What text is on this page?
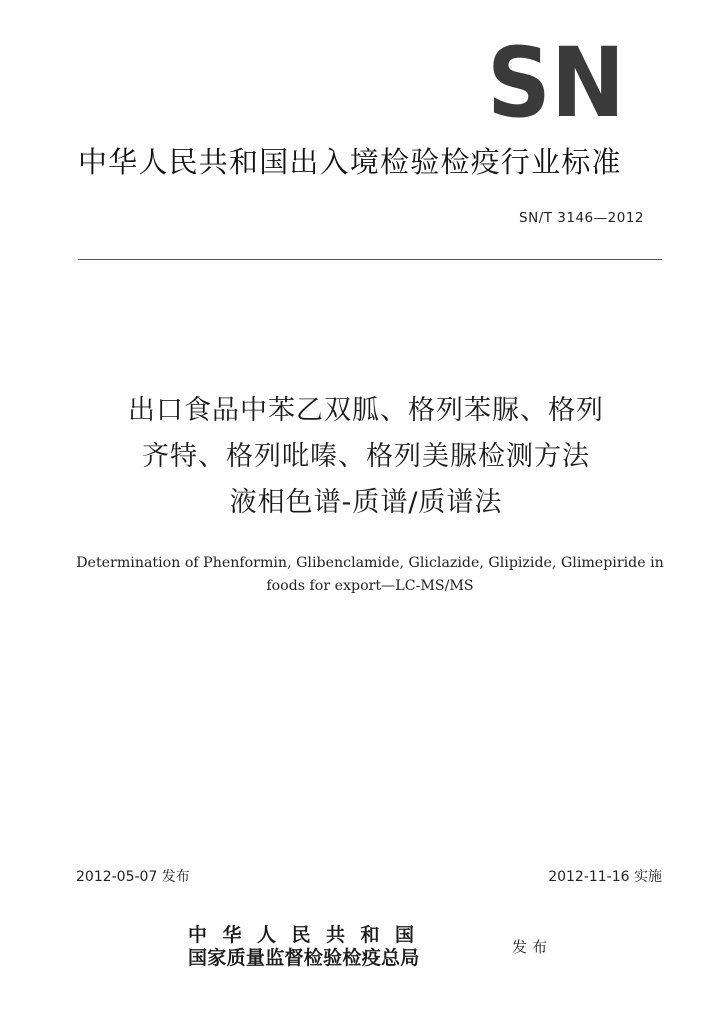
SN
中华人民共和国出入境检验检疫行业标准
SN/T 3146—2012
出口食品中苯乙双胍、格列苯脲、格列
齐特、格列吡嗪、格列美脲检测方法
液相色谱-质谱/质谱法
Determination of Phenformin, Glibenclamide, Gliclazide, Glipizide, Glimepiride in
foods for export—LC-MS/MS
2012-05-07 发布	2012-11-16 实施
中华人民共和国
国家质量监督检验检疫总局	发布
